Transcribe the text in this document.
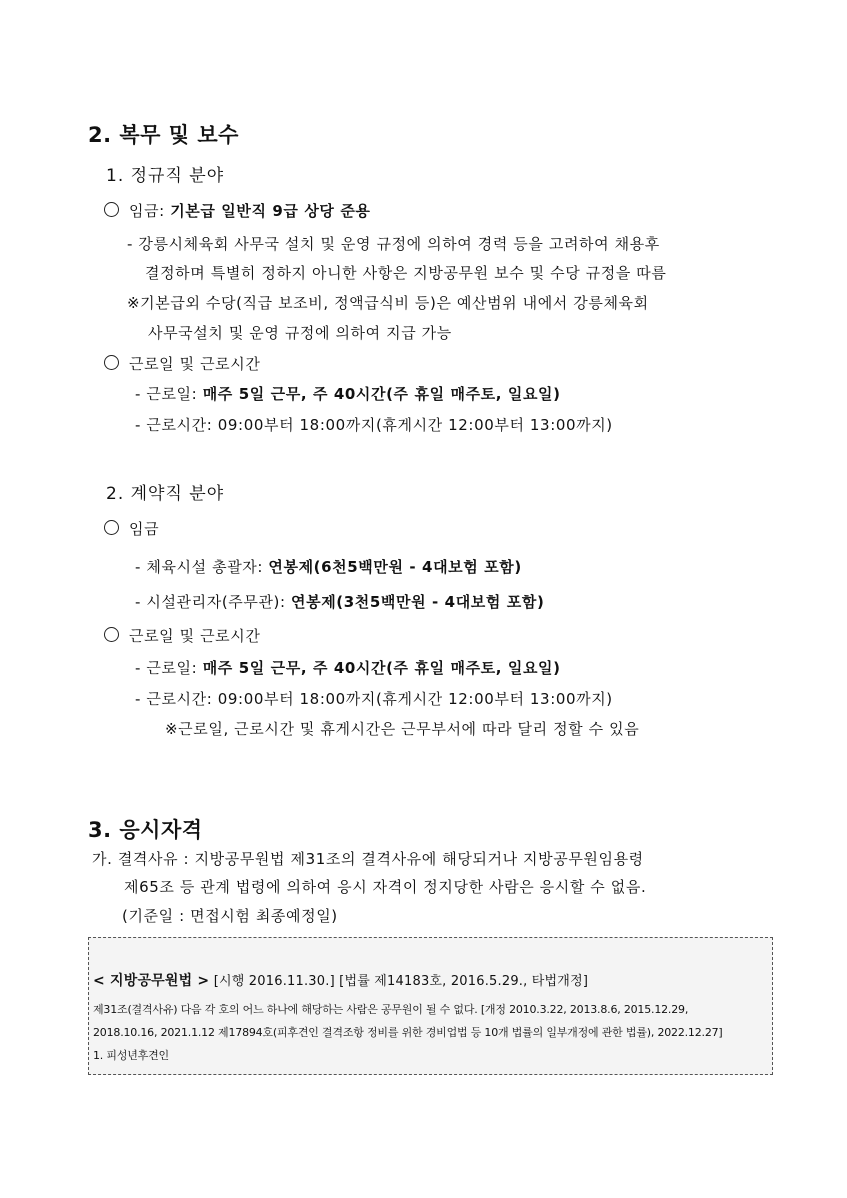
2. 복무 및 보수
1. 정규직 분야
임금: 기본급 일반직 9급 상당 준용
- 강릉시체육회 사무국 설치 및 운영 규정에 의하여 경력 등을 고려하여 채용후
결정하며 특별히 정하지 아니한 사항은 지방공무원 보수 및 수당 규정을 따름
※기본급외 수당(직급 보조비, 정액급식비 등)은 예산범위 내에서 강릉체육회
사무국설치 및 운영 규정에 의하여 지급 가능
근로일 및 근로시간
- 근로일: 매주 5일 근무, 주 40시간(주 휴일 매주토, 일요일)
- 근로시간: 09:00부터 18:00까지(휴게시간 12:00부터 13:00까지)
2. 계약직 분야
임금
- 체육시설 총괄자: 연봉제(6천5백만원 - 4대보험 포함)
- 시설관리자(주무관): 연봉제(3천5백만원 - 4대보험 포함)
근로일 및 근로시간
- 근로일: 매주 5일 근무, 주 40시간(주 휴일 매주토, 일요일)
- 근로시간: 09:00부터 18:00까지(휴게시간 12:00부터 13:00까지)
※근로일, 근로시간 및 휴게시간은 근무부서에 따라 달리 정할 수 있음
3. 응시자격
가. 결격사유 : 지방공무원법 제31조의 결격사유에 해당되거나 지방공무원임용령
제65조 등 관계 법령에 의하여 응시 자격이 정지당한 사람은 응시할 수 없음.
(기준일 : 면접시험 최종예정일)
< 지방공무원법 > [시행 2016.11.30.] [법률 제14183호, 2016.5.29., 타법개정]
제31조(결격사유) 다음 각 호의 어느 하나에 해당하는 사람은 공무원이 될 수 없다. [개정 2010.3.22, 2013.8.6, 2015.12.29,
2018.10.16, 2021.1.12 제17894호(피후견인 결격조항 정비를 위한 경비업법 등 10개 법률의 일부개정에 관한 법률), 2022.12.27]
1. 피성년후견인
